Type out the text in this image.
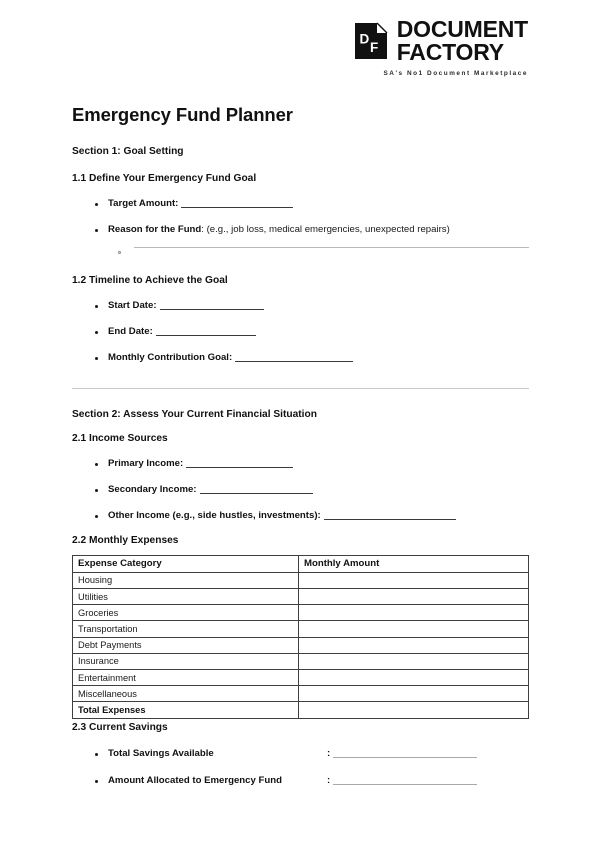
D
F
DOCUMENT
FACTORY
SA's No1 Document Marketplace
Emergency Fund Planner
Section 1: Goal Setting
1.1 Define Your Emergency Fund Goal
Target Amount:
Reason for the Fund: (e.g., job loss, medical emergencies, unexpected repairs)
1.2 Timeline to Achieve the Goal
Start Date:
End Date:
Monthly Contribution Goal:
Section 2: Assess Your Current Financial Situation
2.1 Income Sources
Primary Income:
Secondary Income:
Other Income (e.g., side hustles, investments):
2.2 Monthly Expenses
Expense Category	Monthly Amount
Housing	
Utilities	
Groceries	
Transportation	
Debt Payments	
Insurance	
Entertainment	
Miscellaneous	
Total Expenses	
2.3 Current Savings
Total Savings Available	:
Amount Allocated to Emergency Fund	:
